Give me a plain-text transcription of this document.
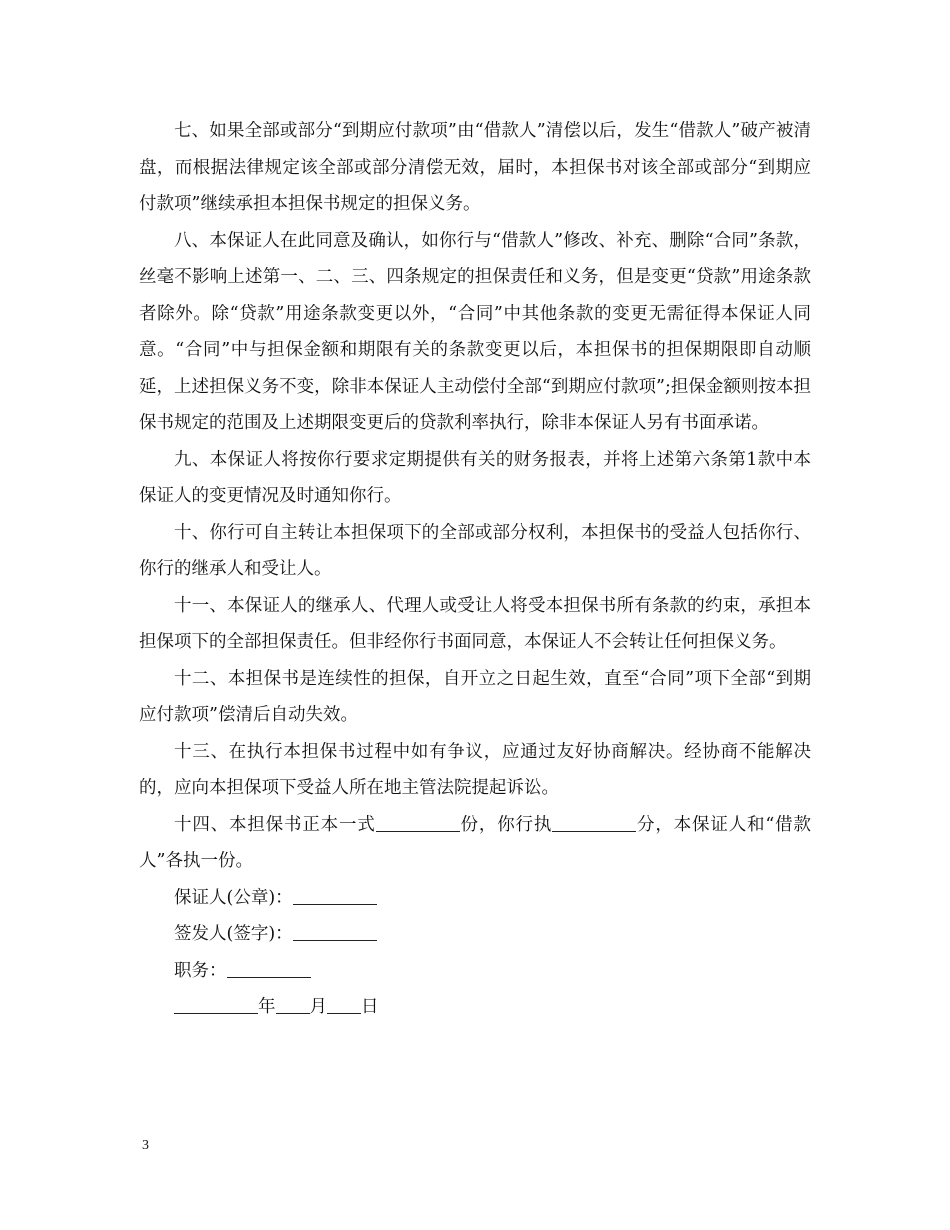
七、如果全部或部分“到期应付款项”由“借款人”清偿以后，发生“借款人”破产被清盘，而根据法律规定该全部或部分清偿无效，届时，本担保书对该全部或部分“到期应付款项”继续承担本担保书规定的担保义务。

八、本保证人在此同意及确认，如你行与“借款人”修改、补充、删除“合同”条款，丝毫不影响上述第一、二、三、四条规定的担保责任和义务，但是变更“贷款”用途条款者除外。除“贷款”用途条款变更以外，“合同”中其他条款的变更无需征得本保证人同意。“合同”中与担保金额和期限有关的条款变更以后，本担保书的担保期限即自动顺延，上述担保义务不变，除非本保证人主动偿付全部“到期应付款项”;担保金额则按本担保书规定的范围及上述期限变更后的贷款利率执行，除非本保证人另有书面承诺。

九、本保证人将按你行要求定期提供有关的财务报表，并将上述第六条第1款中本保证人的变更情况及时通知你行。

十、你行可自主转让本担保项下的全部或部分权利，本担保书的受益人包括你行、你行的继承人和受让人。

十一、本保证人的继承人、代理人或受让人将受本担保书所有条款的约束，承担本担保项下的全部担保责任。但非经你行书面同意，本保证人不会转让任何担保义务。

十二、本担保书是连续性的担保，自开立之日起生效，直至“合同”项下全部“到期应付款项”偿清后自动失效。

十三、在执行本担保书过程中如有争议，应通过友好协商解决。经协商不能解决的，应向本担保项下受益人所在地主管法院提起诉讼。

十四、本担保书正本一式	份，你行执	分，本保证人和“借款人”各执一份。

保证人(公章)：

签发人(签字)：

职务：

年 月 日

3
